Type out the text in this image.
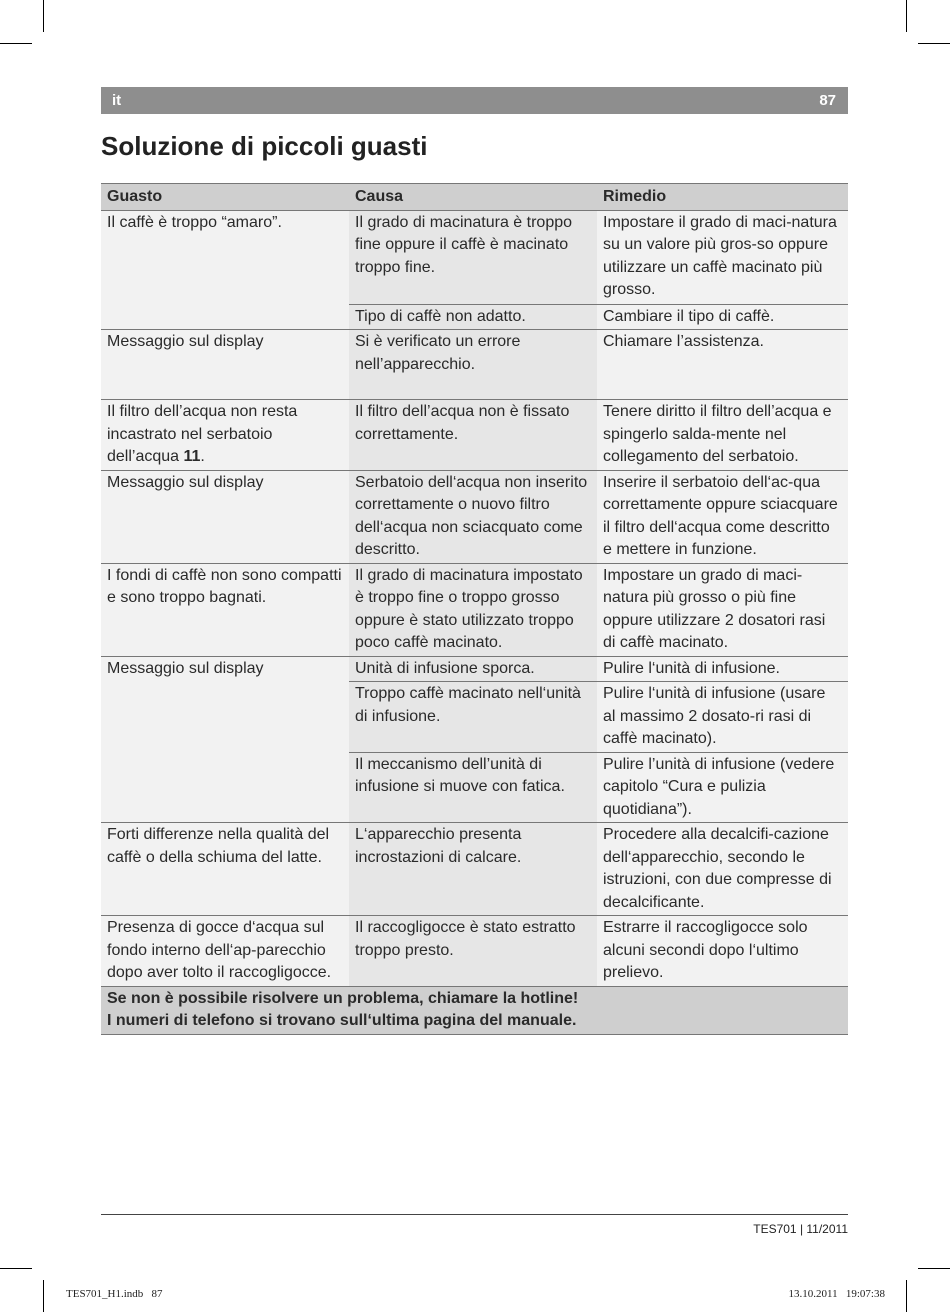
it	87
Soluzione di piccoli guasti
Guasto	Causa	Rimedio
Il caffè è troppo “amaro”.	Il grado di macinatura è troppo fine oppure il caffè è macinato troppo fine.	Impostare il grado di maci-natura su un valore più gros-so oppure utilizzare un caffè macinato più grosso.
	Tipo di caffè non adatto.	Cambiare il tipo di caffè.
Messaggio sul display	Si è verificato un errore nell’apparecchio.	Chiamare l’assistenza.
Il filtro dell’acqua non resta incastrato nel serbatoio dell’acqua 11.	Il filtro dell’acqua non è fissato correttamente.	Tenere diritto il filtro dell’acqua e spingerlo salda-mente nel collegamento del serbatoio.
Messaggio sul display	Serbatoio dell‘acqua non inserito correttamente o nuovo filtro dell‘acqua non sciacquato come descritto.	Inserire il serbatoio dell‘ac-qua correttamente oppure sciacquare il filtro dell‘acqua come descritto e mettere in funzione.
I fondi di caffè non sono compatti e sono troppo bagnati.	Il grado di macinatura impostato è troppo fine o troppo grosso oppure è stato utilizzato troppo poco caffè macinato.	Impostare un grado di maci-natura più grosso o più fine oppure utilizzare 2 dosatori rasi di caffè macinato.
Messaggio sul display	Unità di infusione sporca.	Pulire l‘unità di infusione.
	Troppo caffè macinato nell‘unità di infusione.	Pulire l‘unità di infusione (usare al massimo 2 dosato-ri rasi di caffè macinato).
	Il meccanismo dell’unità di infusione si muove con fatica.	Pulire l’unità di infusione (vedere capitolo “Cura e pulizia quotidiana”).
Forti differenze nella qualità del caffè o della schiuma del latte.	L‘apparecchio presenta incrostazioni di calcare.	Procedere alla decalcifi-cazione dell‘apparecchio, secondo le istruzioni, con due compresse di decalcificante.
Presenza di gocce d‘acqua sul fondo interno dell‘ap-parecchio dopo aver tolto il raccogligocce.	Il raccogligocce è stato estratto troppo presto.	Estrarre il raccogligocce solo alcuni secondi dopo l‘ultimo prelievo.

Se non è possibile risolvere un problema, chiamare la hotline!
I numeri di telefono si trovano sull‘ultima pagina del manuale.		
TES701 | 11/2011
TES701_H1.indb   87	13.10.2011   19:07:38
